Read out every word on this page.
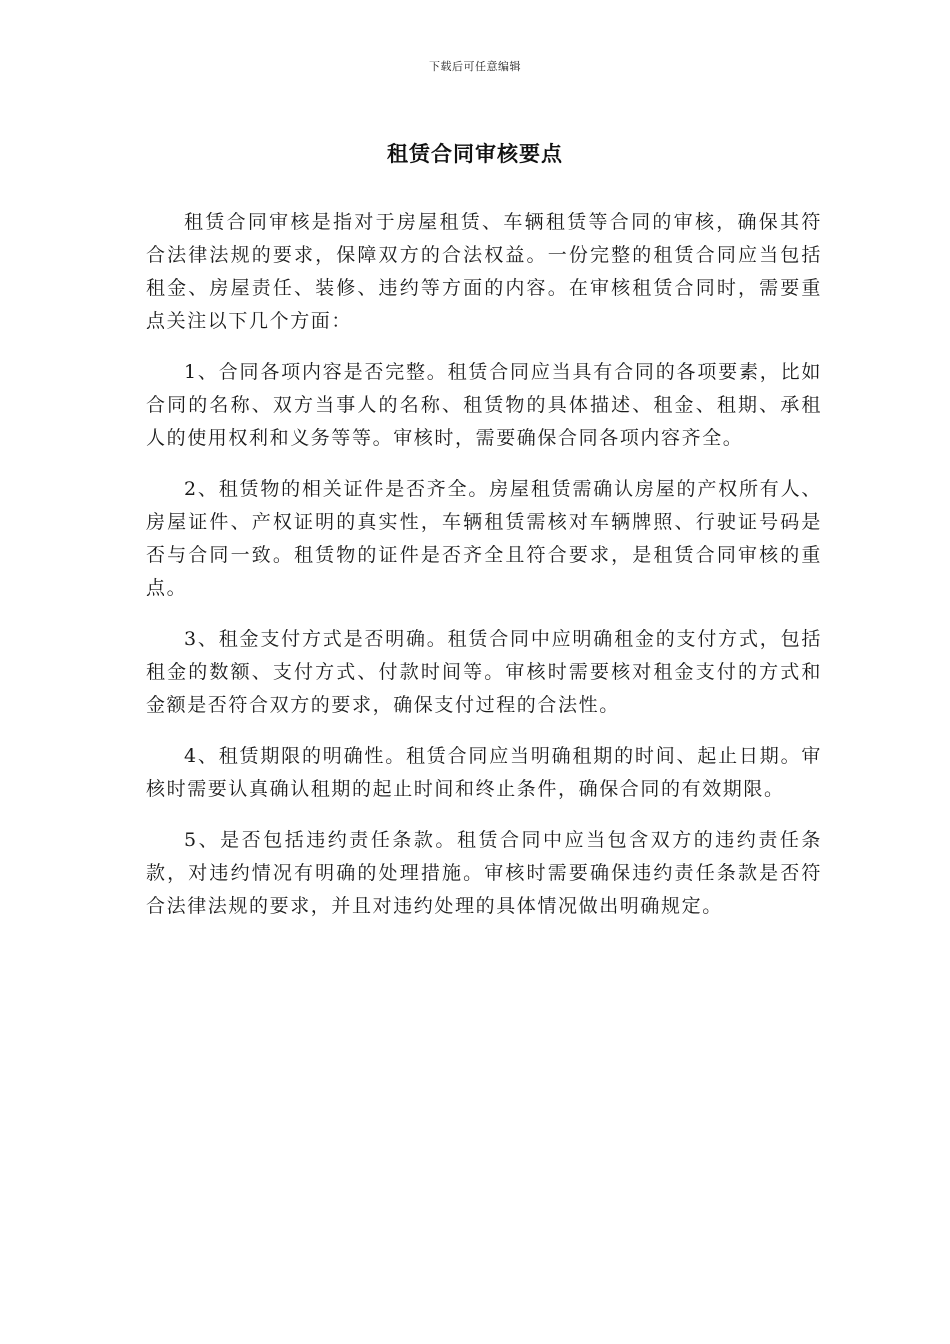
下载后可任意编辑
租赁合同审核要点

租赁合同审核是指对于房屋租赁、车辆租赁等合同的审核，确保其符合法律法规的要求，保障双方的合法权益。一份完整的租赁合同应当包括租金、房屋责任、装修、违约等方面的内容。在审核租赁合同时，需要重点关注以下几个方面：

1、合同各项内容是否完整。租赁合同应当具有合同的各项要素，比如合同的名称、双方当事人的名称、租赁物的具体描述、租金、租期、承租人的使用权利和义务等等。审核时，需要确保合同各项内容齐全。

2、租赁物的相关证件是否齐全。房屋租赁需确认房屋的产权所有人、房屋证件、产权证明的真实性，车辆租赁需核对车辆牌照、行驶证号码是否与合同一致。租赁物的证件是否齐全且符合要求，是租赁合同审核的重点。

3、租金支付方式是否明确。租赁合同中应明确租金的支付方式，包括租金的数额、支付方式、付款时间等。审核时需要核对租金支付的方式和金额是否符合双方的要求，确保支付过程的合法性。

4、租赁期限的明确性。租赁合同应当明确租期的时间、起止日期。审核时需要认真确认租期的起止时间和终止条件，确保合同的有效期限。

5、是否包括违约责任条款。租赁合同中应当包含双方的违约责任条款，对违约情况有明确的处理措施。审核时需要确保违约责任条款是否符合法律法规的要求，并且对违约处理的具体情况做出明确规定。
